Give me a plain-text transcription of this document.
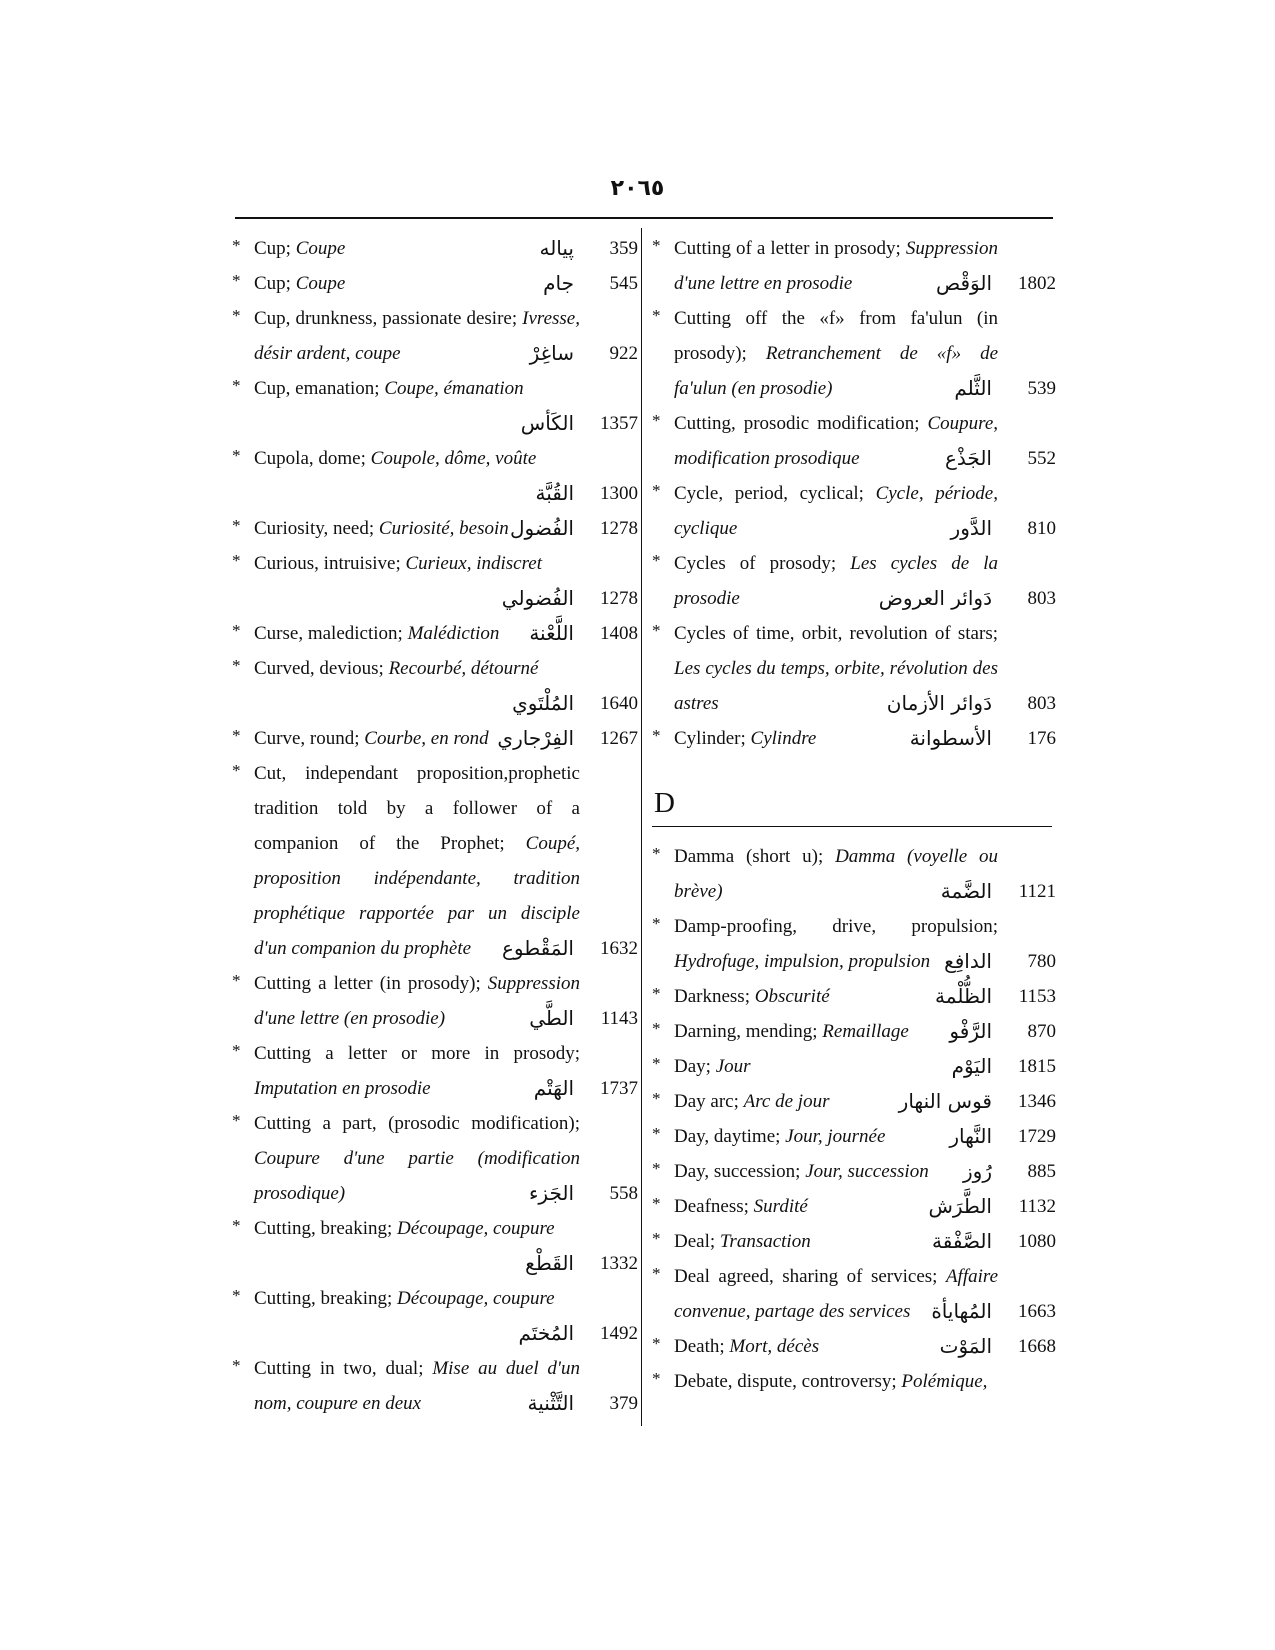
٢٠٦٥
* Cup; Coupe	پياله	359
* Cup; Coupe	جام	545
* Cup, drunkness, passionate desire; Ivresse, désir ardent, coupe	ساغِرْ	922
* Cup, emanation; Coupe, émanation
الكَأس	1357
* Cupola, dome; Coupole, dôme, voûte
القُبَّة	1300
* Curiosity, need; Curiosité, besoin الفُضول	1278
* Curious, intruisive; Curieux, indiscret
الفُضولي	1278
* Curse, malediction; Malédiction	اللَّعْنة	1408
* Curved, devious; Recourbé, détourné
المُلْتَوي	1640
* Curve, round; Courbe, en rond الفِرْجاري	1267
* Cut, independant proposition,prophetic tradition told by a follower of a companion of the Prophet; Coupé, proposition indépendante, tradition prophétique rapportée par un disciple d'un companion du prophète	المَقْطوع	1632
* Cutting a letter (in prosody); Suppression d'une lettre (en prosodie)	الطَّي	1143
* Cutting a letter or more in prosody; Imputation en prosodie	الهَتْم	1737
* Cutting a part, (prosodic modification); Coupure d'une partie (modification prosodique)	الجَزء	558
* Cutting, breaking; Découpage, coupure
القَطْع	1332
* Cutting, breaking; Découpage, coupure
المُختَم	1492
* Cutting in two, dual; Mise au duel d'un nom, coupure en deux	التَّثْنية	379
* Cutting of a letter in prosody; Suppression d'une lettre en prosodie	الوَقْص	1802
* Cutting off the «f» from fa'ulun (in prosody); Retranchement de «f» de fa'ulun (en prosodie)	الثَّلم	539
* Cutting, prosodic modification; Coupure, modification prosodique	الجَذْع	552
* Cycle, period, cyclical; Cycle, période, cyclique	الدَّور	810
* Cycles of prosody; Les cycles de la prosodie	دَوائر العروض	803
* Cycles of time, orbit, revolution of stars; Les cycles du temps, orbite, révolution des astres	دَوائر الأزمان	803
* Cylinder; Cylindre	الأسطوانة	176
D
* Damma (short u); Damma (voyelle ou brève)	الضَّمة	1121
* Damp-proofing, drive, propulsion; Hydrofuge, impulsion, propulsion الدافِع	780
* Darkness; Obscurité	الظُّلْمة	1153
* Darning, mending; Remaillage	الرَّفْو	870
* Day; Jour	اليَوْم	1815
* Day arc; Arc de jour	قوس النهار	1346
* Day, daytime; Jour, journée	النَّهار	1729
* Day, succession; Jour, succession	رُوز	885
* Deafness; Surdité	الطَّرَش	1132
* Deal; Transaction	الصَّفْقة	1080
* Deal agreed, sharing of services; Affaire convenue, partage des services	المُهايأة	1663
* Death; Mort, décès	المَوْت	1668
* Debate, dispute, controversy; Polémique,
